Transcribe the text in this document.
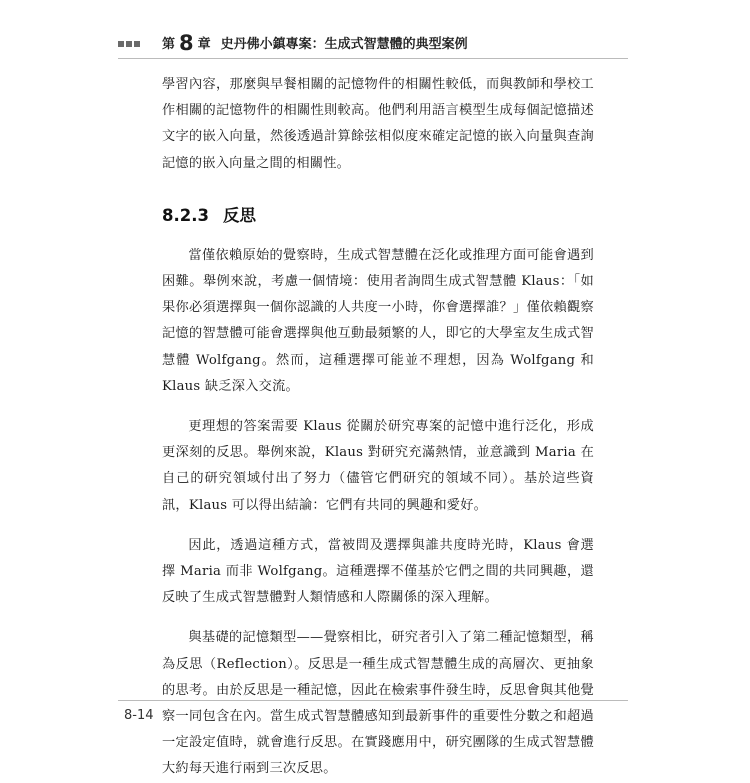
第 8 章 史丹佛小鎮專案：生成式智慧體的典型案例

學習內容，那麼與早餐相關的記憶物件的相關性較低，而與教師和學校工作相關的記憶物件的相關性則較高。他們利用語言模型生成每個記憶描述文字的嵌入向量，然後透過計算餘弦相似度來確定記憶的嵌入向量與查詢記憶的嵌入向量之間的相關性。

8.2.3 反思

當僅依賴原始的覺察時，生成式智慧體在泛化或推理方面可能會遇到困難。舉例來說，考慮一個情境：使用者詢問生成式智慧體 Klaus：「如果你必須選擇與一個你認識的人共度一小時，你會選擇誰？」僅依賴觀察記憶的智慧體可能會選擇與他互動最頻繁的人，即它的大學室友生成式智慧體 Wolfgang。然而，這種選擇可能並不理想，因為 Wolfgang 和 Klaus 缺乏深入交流。

更理想的答案需要 Klaus 從關於研究專案的記憶中進行泛化，形成更深刻的反思。舉例來說，Klaus 對研究充滿熱情，並意識到 Maria 在自己的研究領域付出了努力（儘管它們研究的領域不同）。基於這些資訊，Klaus 可以得出結論：它們有共同的興趣和愛好。

因此，透過這種方式，當被問及選擇與誰共度時光時，Klaus 會選擇 Maria 而非 Wolfgang。這種選擇不僅基於它們之間的共同興趣，還反映了生成式智慧體對人類情感和人際關係的深入理解。

與基礎的記憶類型——覺察相比，研究者引入了第二種記憶類型，稱為反思（Reflection）。反思是一種生成式智慧體生成的高層次、更抽象的思考。由於反思是一種記憶，因此在檢索事件發生時，反思會與其他覺察一同包含在內。當生成式智慧體感知到最新事件的重要性分數之和超過一定設定值時，就會進行反思。在實踐應用中，研究團隊的生成式智慧體大約每天進行兩到三次反思。

8-14
